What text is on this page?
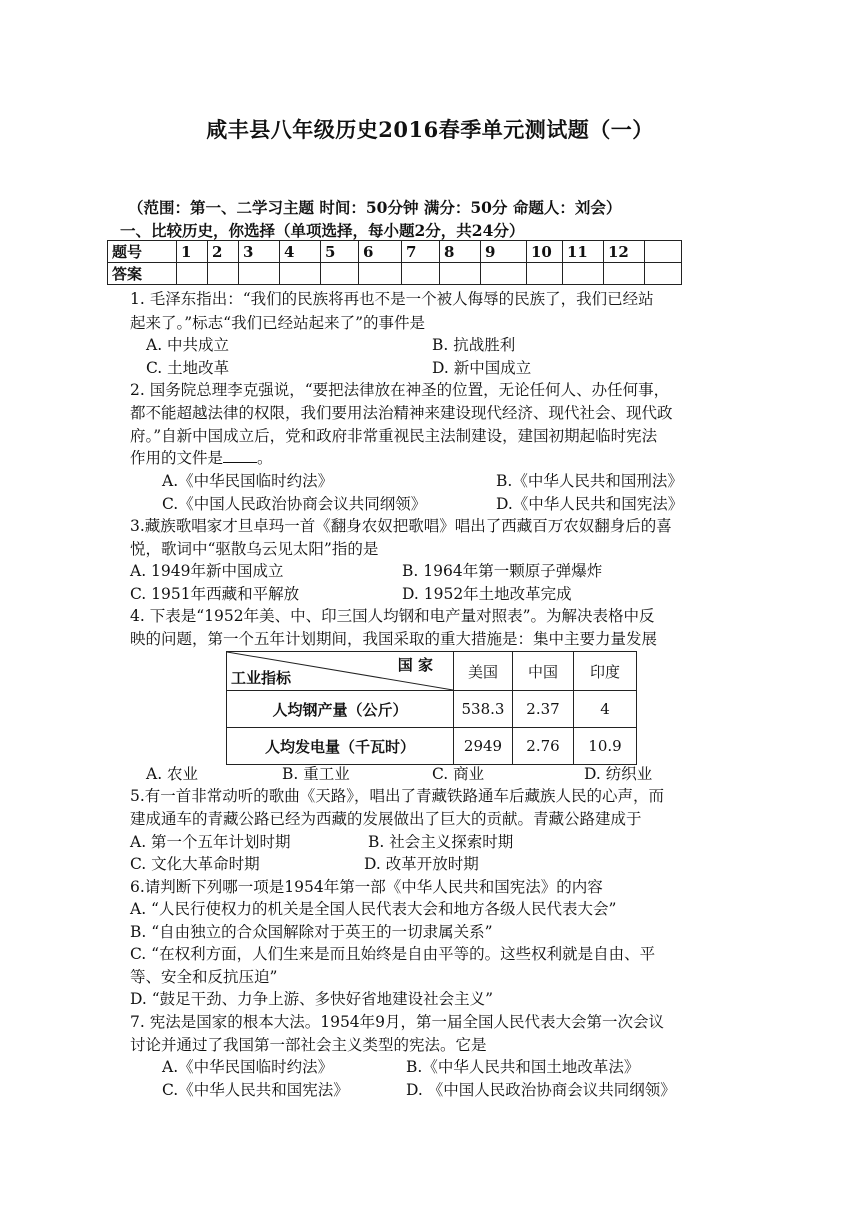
咸丰县八年级历史2016春季单元测试题（一）
（范围：第一、二学习主题 时间：50分钟 满分：50分 命题人：刘会）
一、比较历史，你选择（单项选择，每小题2分，共24分）
题号	1	2	3	4	5	6	7	8	9	10	11	12	
答案													
1. 毛泽东指出：“我们的民族将再也不是一个被人侮辱的民族了，我们已经站
起来了。”标志“我们已经站起来了”的事件是
A. 中共成立	B. 抗战胜利
C. 土地改革	D. 新中国成立
2. 国务院总理李克强说，“要把法律放在神圣的位置，无论任何人、办任何事，
都不能超越法律的权限，我们要用法治精神来建设现代经济、现代社会、现代政
府。”自新中国成立后，党和政府非常重视民主法制建设，建国初期起临时宪法
作用的文件是 。
A.《中华民国临时约法》	B.《中华人民共和国刑法》
C.《中国人民政治协商会议共同纲领》	D.《中华人民共和国宪法》
3.藏族歌唱家才旦卓玛一首《翻身农奴把歌唱》唱出了西藏百万农奴翻身后的喜
悦，歌词中“驱散乌云见太阳”指的是
A. 1949年新中国成立	B. 1964年第一颗原子弹爆炸
C. 1951年西藏和平解放	D. 1952年土地改革完成
4. 下表是“1952年美、中、印三国人均钢和电产量对照表”。为解决表格中反
映的问题，第一个五年计划期间，我国采取的重大措施是：集中主要力量发展
国 家
工业指标	美国	中国	印度
人均钢产量（公斤）	538.3	2.37	4
人均发电量（千瓦时）	2949	2.76	10.9
A. 农业	B. 重工业	C. 商业	D. 纺织业
5.有一首非常动听的歌曲《天路》，唱出了青藏铁路通车后藏族人民的心声，而
建成通车的青藏公路已经为西藏的发展做出了巨大的贡献。青藏公路建成于
A. 第一个五年计划时期	B. 社会主义探索时期
C. 文化大革命时期	D. 改革开放时期
6.请判断下列哪一项是1954年第一部《中华人民共和国宪法》的内容
A. “人民行使权力的机关是全国人民代表大会和地方各级人民代表大会”
B. “自由独立的合众国解除对于英王的一切隶属关系”
C. “在权利方面，人们生来是而且始终是自由平等的。这些权利就是自由、平
等、安全和反抗压迫”
D. “鼓足干劲、力争上游、多快好省地建设社会主义”
7. 宪法是国家的根本大法。1954年9月，第一届全国人民代表大会第一次会议
讨论并通过了我国第一部社会主义类型的宪法。它是
A.《中华民国临时约法》	B.《中华人民共和国土地改革法》
C.《中华人民共和国宪法》	D. 《中国人民政治协商会议共同纲领》
